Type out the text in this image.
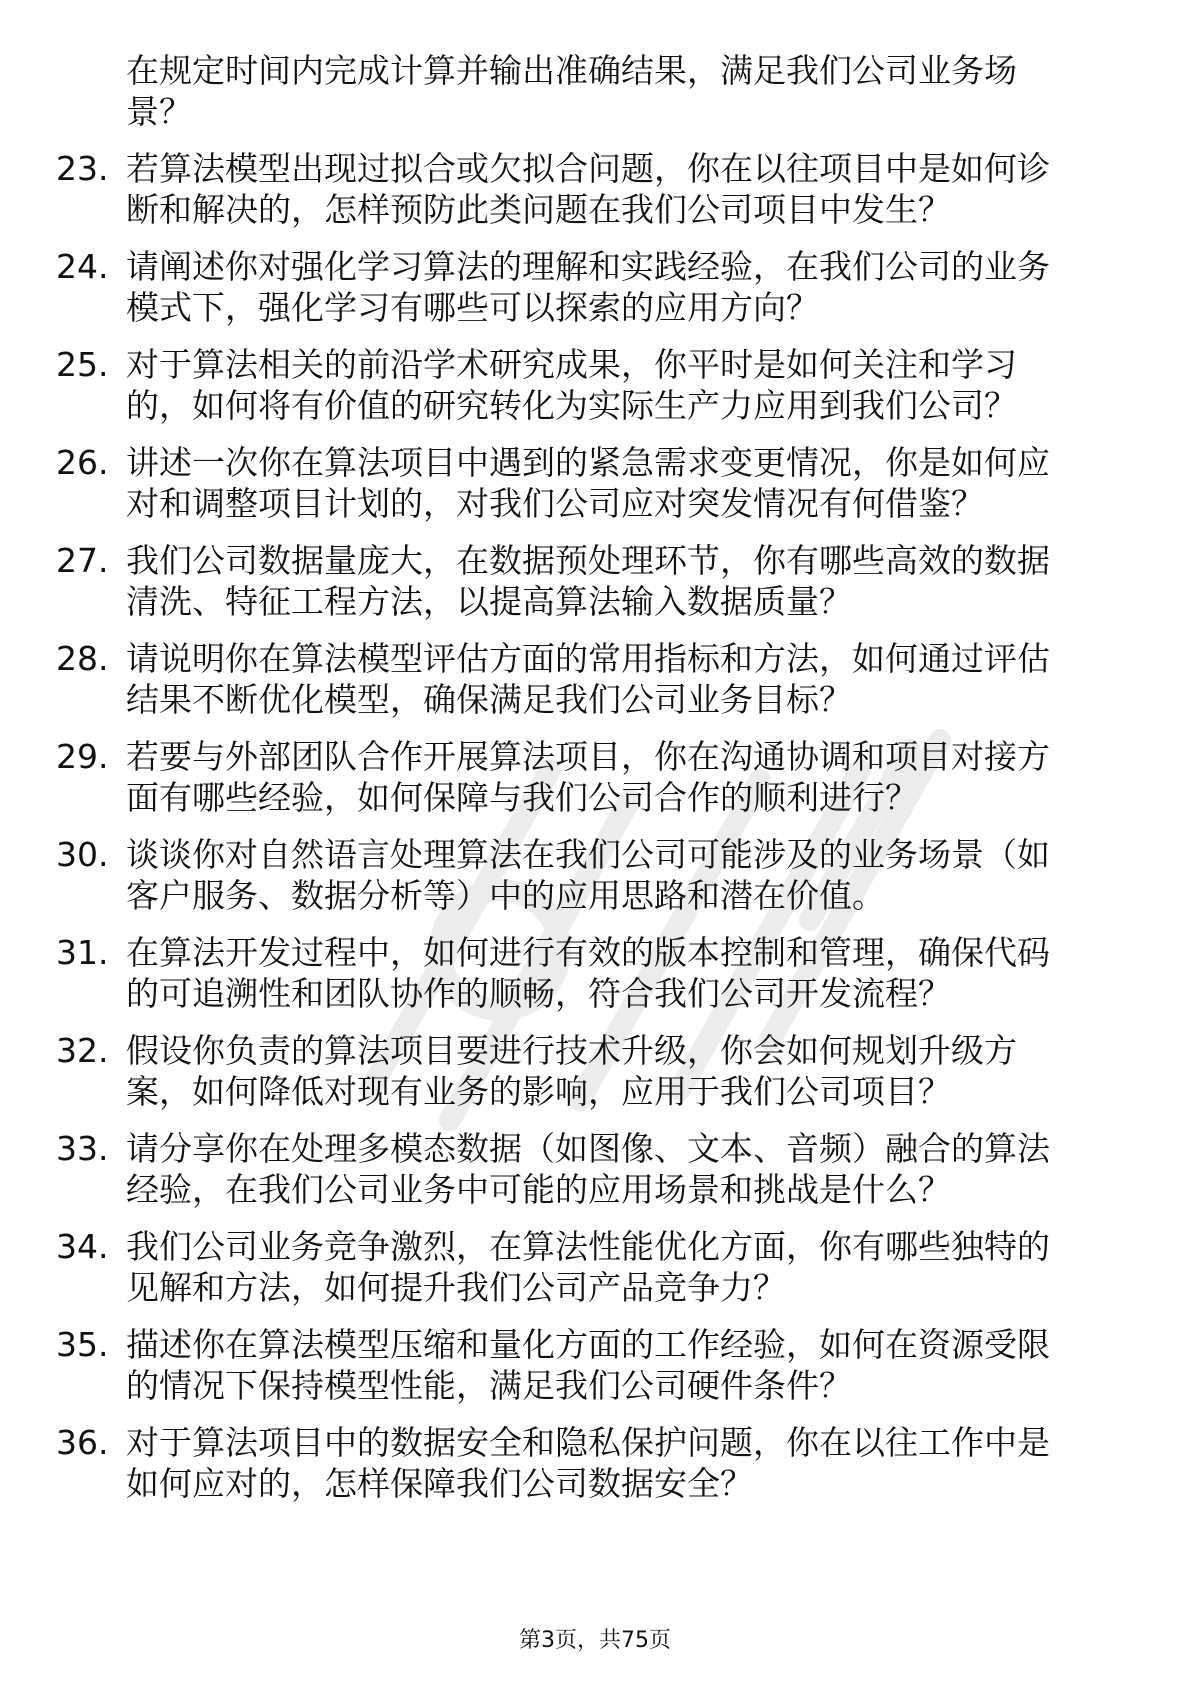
在规定时间内完成计算并输出准确结果，满足我们公司业务场
景？
23. 若算法模型出现过拟合或欠拟合问题，你在以往项目中是如何诊
断和解决的，怎样预防此类问题在我们公司项目中发生？
24. 请阐述你对强化学习算法的理解和实践经验，在我们公司的业务
模式下，强化学习有哪些可以探索的应用方向？
25. 对于算法相关的前沿学术研究成果，你平时是如何关注和学习
的，如何将有价值的研究转化为实际生产力应用到我们公司？
26. 讲述一次你在算法项目中遇到的紧急需求变更情况，你是如何应
对和调整项目计划的，对我们公司应对突发情况有何借鉴？
27. 我们公司数据量庞大，在数据预处理环节，你有哪些高效的数据
清洗、特征工程方法，以提高算法输入数据质量？
28. 请说明你在算法模型评估方面的常用指标和方法，如何通过评估
结果不断优化模型，确保满足我们公司业务目标？
29. 若要与外部团队合作开展算法项目，你在沟通协调和项目对接方
面有哪些经验，如何保障与我们公司合作的顺利进行？
30. 谈谈你对自然语言处理算法在我们公司可能涉及的业务场景（如
客户服务、数据分析等）中的应用思路和潜在价值。
31. 在算法开发过程中，如何进行有效的版本控制和管理，确保代码
的可追溯性和团队协作的顺畅，符合我们公司开发流程？
32. 假设你负责的算法项目要进行技术升级，你会如何规划升级方
案，如何降低对现有业务的影响，应用于我们公司项目？
33. 请分享你在处理多模态数据（如图像、文本、音频）融合的算法
经验，在我们公司业务中可能的应用场景和挑战是什么？
34. 我们公司业务竞争激烈，在算法性能优化方面，你有哪些独特的
见解和方法，如何提升我们公司产品竞争力？
35. 描述你在算法模型压缩和量化方面的工作经验，如何在资源受限
的情况下保持模型性能，满足我们公司硬件条件？
36. 对于算法项目中的数据安全和隐私保护问题，你在以往工作中是
如何应对的，怎样保障我们公司数据安全？
第3页，共75页
